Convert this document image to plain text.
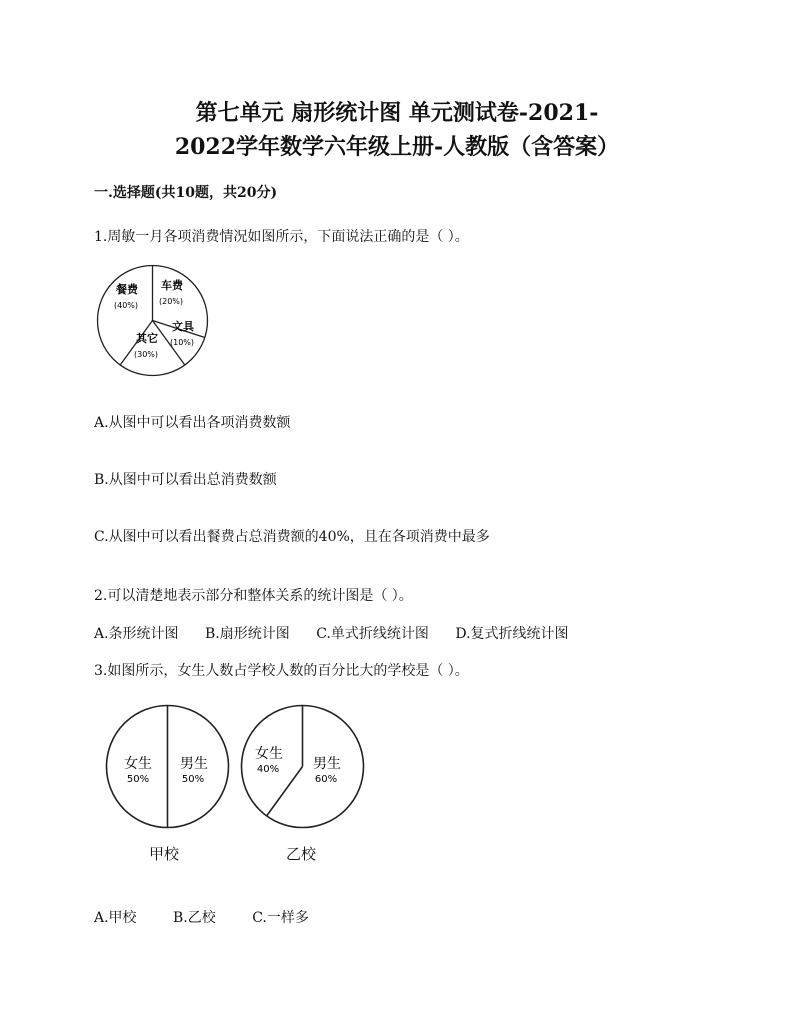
第七单元 扇形统计图 单元测试卷-2021-
2022学年数学六年级上册-人教版（含答案）
一.选择题(共10题，共20分)
1.周敏一月各项消费情况如图所示，下面说法正确的是（ ）。
餐费
(40%)
车费
(20%)
文具
(10%)
其它
(30%)
A.从图中可以看出各项消费数额
B.从图中可以看出总消费数额
C.从图中可以看出餐费占总消费额的40%，且在各项消费中最多
2.可以清楚地表示部分和整体关系的统计图是（ ）。
A.条形统计图 B.扇形统计图 C.单式折线统计图 D.复式折线统计图
3.如图所示，女生人数占学校人数的百分比大的学校是（ ）。
女生
50%
男生
50%
甲校
女生
40% 男生
60%
乙校
A.甲校	B.乙校	C.一样多
